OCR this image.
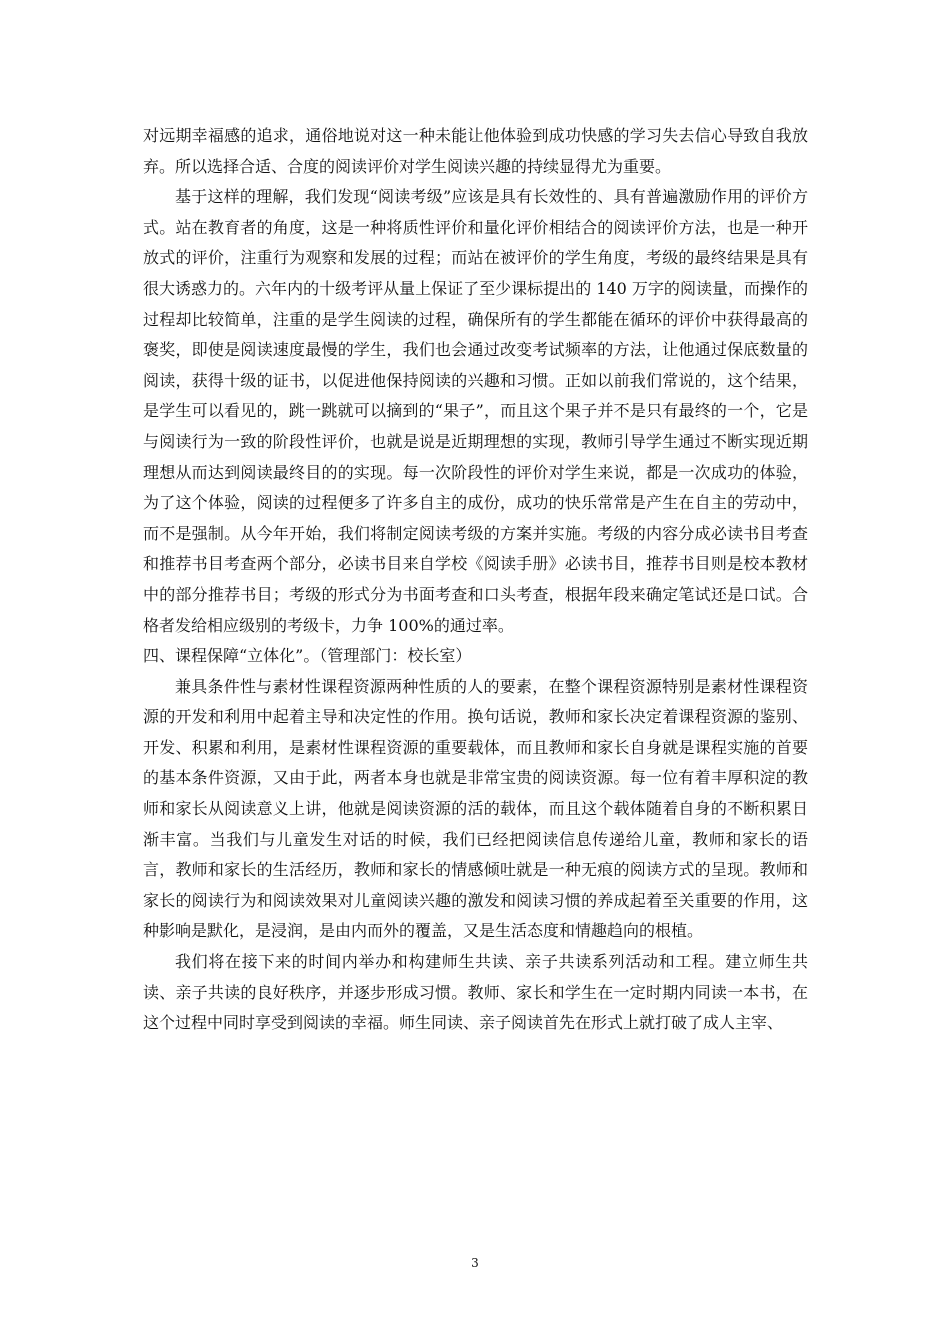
对远期幸福感的追求，通俗地说对这一种未能让他体验到成功快感的学习失去信心导致自我放弃。所以选择合适、合度的阅读评价对学生阅读兴趣的持续显得尤为重要。

基于这样的理解，我们发现“阅读考级”应该是具有长效性的、具有普遍激励作用的评价方式。站在教育者的角度，这是一种将质性评价和量化评价相结合的阅读评价方法，也是一种开放式的评价，注重行为观察和发展的过程；而站在被评价的学生角度，考级的最终结果是具有很大诱惑力的。六年内的十级考评从量上保证了至少课标提出的 140 万字的阅读量，而操作的过程却比较简单，注重的是学生阅读的过程，确保所有的学生都能在循环的评价中获得最高的褒奖，即使是阅读速度最慢的学生，我们也会通过改变考试频率的方法，让他通过保底数量的阅读，获得十级的证书，以促进他保持阅读的兴趣和习惯。正如以前我们常说的，这个结果，是学生可以看见的，跳一跳就可以摘到的“果子”，而且这个果子并不是只有最终的一个，它是与阅读行为一致的阶段性评价，也就是说是近期理想的实现，教师引导学生通过不断实现近期理想从而达到阅读最终目的的实现。每一次阶段性的评价对学生来说，都是一次成功的体验，为了这个体验，阅读的过程便多了许多自主的成份，成功的快乐常常是产生在自主的劳动中，而不是强制。从今年开始，我们将制定阅读考级的方案并实施。考级的内容分成必读书目考查和推荐书目考查两个部分，必读书目来自学校《阅读手册》必读书目，推荐书目则是校本教材中的部分推荐书目；考级的形式分为书面考查和口头考查，根据年段来确定笔试还是口试。合格者发给相应级别的考级卡，力争 100%的通过率。

四、课程保障“立体化”。（管理部门：校长室）

兼具条件性与素材性课程资源两种性质的人的要素，在整个课程资源特别是素材性课程资源的开发和利用中起着主导和决定性的作用。换句话说，教师和家长决定着课程资源的鉴别、开发、积累和利用，是素材性课程资源的重要载体，而且教师和家长自身就是课程实施的首要的基本条件资源，又由于此，两者本身也就是非常宝贵的阅读资源。每一位有着丰厚积淀的教师和家长从阅读意义上讲，他就是阅读资源的活的载体，而且这个载体随着自身的不断积累日渐丰富。当我们与儿童发生对话的时候，我们已经把阅读信息传递给儿童，教师和家长的语言，教师和家长的生活经历，教师和家长的情感倾吐就是一种无痕的阅读方式的呈现。教师和家长的阅读行为和阅读效果对儿童阅读兴趣的激发和阅读习惯的养成起着至关重要的作用，这种影响是默化，是浸润，是由内而外的覆盖，又是生活态度和情趣趋向的根植。

我们将在接下来的时间内举办和构建师生共读、亲子共读系列活动和工程。建立师生共读、亲子共读的良好秩序，并逐步形成习惯。教师、家长和学生在一定时期内同读一本书，在这个过程中同时享受到阅读的幸福。师生同读、亲子阅读首先在形式上就打破了成人主宰、

3
